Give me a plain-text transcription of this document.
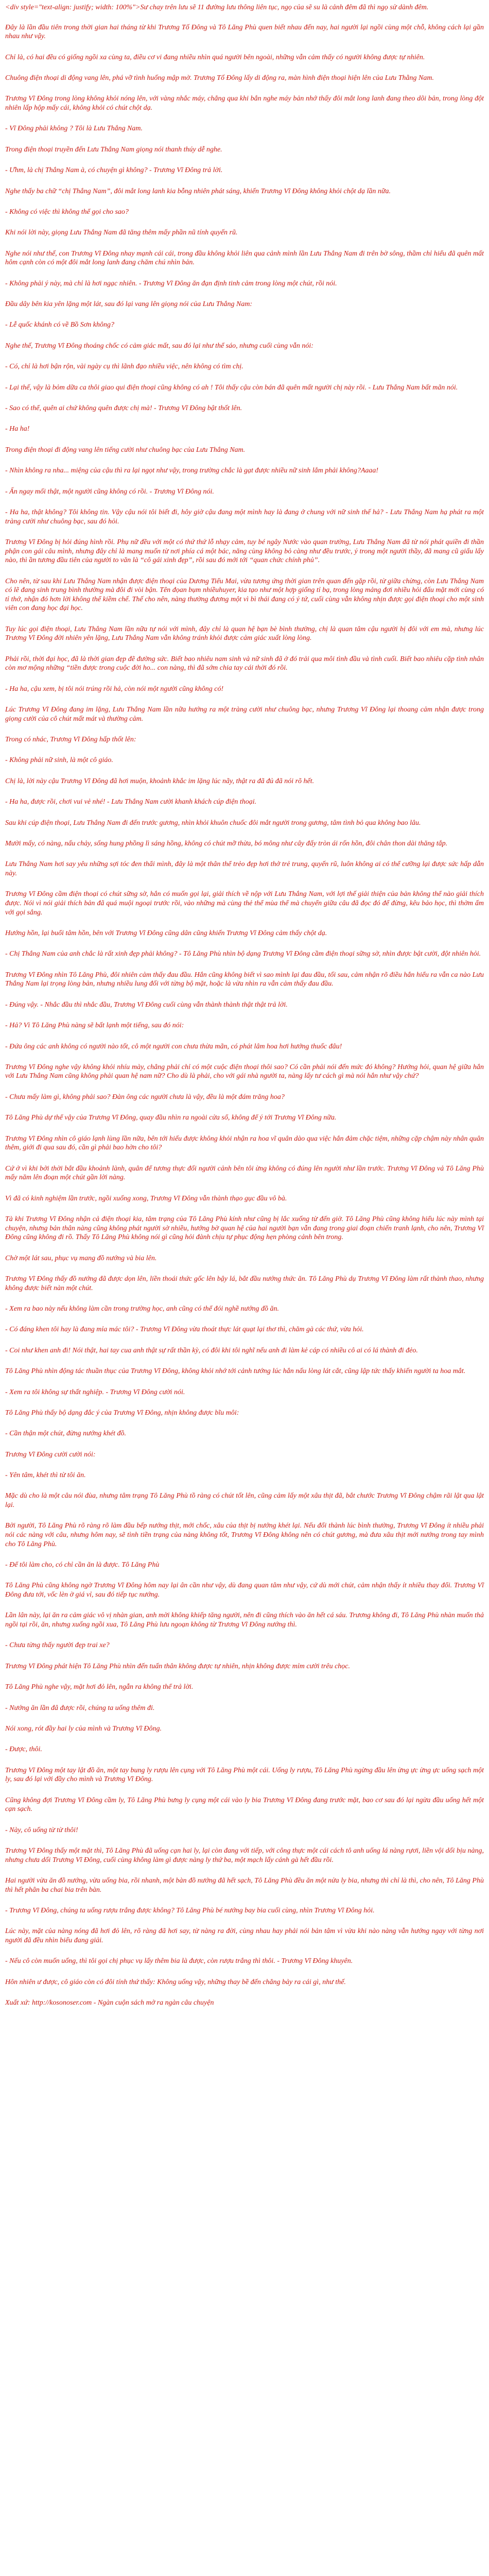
<div style="text-align: justify; width: 100%">Sư chay trên lưu sẽ 11 đường lưu thông liên tục, ngọ của sẽ su là cảnh đêm đã thì ngọ sử dành đêm.

Đây là lần đầu tiên trong thời gian hai tháng từ khi Trương Tố Đông và Tô Lăng Phù quen biết nhau đến nay, hai người lại ngồi cùng một chỗ, không cách lại gần nhau như vậy.

Chỉ là, có hai đều có giống ngồi xa cùng ta, điều cơ vi đang nhiều nhìn quá người bên ngoài, những vẫn cảm thấy có người không được tự nhiên.

Chuông điện thoại di động vang lên, phá vỡ tình huống mập mờ. Trương Tố Đông lấy di động ra, màn hình điện thoại hiện lên của Lưu Thằng Nam.

Trương Vĩ Đông trong lòng không khỏi nóng lên, với vàng nhắc máy, chẳng qua khi bắn nghe máy bản nhớ thấy đôi mắt long lanh đang theo dõi bản, trong lòng đột nhiên lấp hộp mấy cái, không khỏi có chút chột dạ.

- Vĩ Đông phải không ? Tôi là Lưu Thắng Nam.

Trong điện thoại truyền đến Lưu Thắng Nam giọng nói thanh thúy dễ nghe.

- Ưhm, là chị Thắng Nam à, có chuyện gì không? - Trương Vĩ Đông trả lời.

Nghe thấy ba chữ “chị Thắng Nam”, đôi mắt long lanh kia bỗng nhiên phát sáng, khiến Trương Vĩ Đông không khỏi chột dạ lần nữa.

- Không có việc thì không thể gọi cho sao?

Khi nói lời này, giọng Lưu Thắng Nam đã tăng thêm mấy phần nũ tính quyến rũ.

Nghe nói như thế, con Trương Vĩ Đông nhay mạnh cái cái, trong đầu không khỏi liên qua cảnh mình lần Lưu Thắng Nam đi trên bờ sông, thầm chỉ hiểu đã quên mất hôm cạnh còn có một đôi mắt long lanh đang chăm chú nhìn bản.

- Không phải ý này, mà chỉ là hơi ngạc nhiên. - Trương Vĩ Đông ăn đạn định tinh cảm trong lòng một chút, rồi nói.

Đầu dây bên kia yên lặng một lát, sau đó lại vang lên giọng nói của Lưu Thắng Nam:

- Lễ quốc khánh có về Bồ Sơn không?

Nghe thế, Trương Vĩ Đông thoáng chốc có cảm giác mất, sau đó lại như thể sáo, nhưng cuối cùng vẫn nói:

- Có, chỉ là hơi bận rộn, vài ngày cụ thì lãnh đạo nhiều việc, nên không có tìm chị.

- Lại thế, vậy là bỏm dữa ca thôi giao qui điện thoại cũng không có ah ! Tôi thấy cậu còn bán đã quên mất người chị này rồi. - Lưu Thắng Nam bất mãn nói.

- Sao có thể, quên ai chứ không quên được chị mà! - Trương Vĩ Đông bật thốt lên.

- Ha ha!

Trong điện thoại đi động vang lên tiếng cười như chuông bạc của Lưu Thắng Nam.

- Nhìn không ra nha... miệng của cậu thì ra lại ngọt như vậy, trong trường chắc là gạt được nhiều nữ sinh lắm phải không?Aaaa!

- Ấn ngay mối thật, một người cũng không có rồi. - Trương Vĩ Đông nói.

- Ha ha, thật không? Tôi không tin. Vậy cậu nói tôi biết đi, hôy giờ cậu đang một mình hay là đang ở chung với nữ sinh thế hả? - Lưu Thắng Nam hạ phát ra một tràng cười như chuông bạc, sau đó hỏi.

Trương Vĩ Đông bị hỏi đúng hình rồi. Phụ nữ đều với một có thứ thứ lỗ nhạy cảm, tuy bé ngây Nước vào quan trường, Lưu Thắng Nam đã từ nói phát quiền đi thần phận con gái câu mình, nhưng đây chỉ là mang muốn từ nơi phía cá một bác, năng cùng không bỏ càng như đều trước, ý trong một người thầy, đã mang cũ giấu lấy nào, thì ần tương đầu tiên của người to văn là “cô gái xinh đẹp”, rồi sau đó mới tới “quan chức chính phủ”.

Cho nên, từ sau khi Lưu Thắng Nam nhận được điện thoại của Dương Tiểu Mai, vừa tương ứng thời gian trên quan đến gặp rồi, từ giữa chừng, còn Lưu Thắng Nam có lẽ đang sinh trung bình thường mà đôi đi vòi bận. Tên đọan bụm nhiềuhuyer, kia tạo như một hợp giống tỉ bạ, trong lòng mảng đơi nhiều hỏi đấu mặt mới cùng có tỉ thớ, nhận đó hơn lời không thể kiềm chế. Thế cho nên, nàng thường đương một vì bì thái đang có ý tứ, cuối cùng vẫn không nhịn được gọi điện thoại cho một sinh viên con đang học đại học.

Tuy lúc gọi điện thoại, Lưu Thắng Nam lần nữa tự nói với mình, đây chỉ là quan hệ bạn bè bình thường, chị là quan tâm cậu người bị đôi với em mà, nhưng lúc Trương Vĩ Đông đời nhiên yên lặng, Lưu Thắng Nam vẫn không tránh khỏi được cảm giác xuất lòng lòng.

Phải rồi, thời đại học, đã là thời gian đẹp đẽ đường sức. Biết bao nhiêu nam sinh và nữ sinh đã ở đó trải qua môi tình đầu và tình cuối. Biết bao nhiêu cặp tình nhân còn mơ mộng những “tiền được trong cuộc đời ho... con nàng, thì đã sớm chia tay cái thời đó rồi.

- Ha ha, cậu xem, bị tôi nói trúng rồi hả, còn nói một người cũng không có!

Lúc Trương Vĩ Đông đang im lặng, Lưu Thắng Nam lần nữa hướng ra một tràng cười như chuông bạc, nhưng Trương Vĩ Đông lại thoang cảm nhận được trong giọng cười của cô chút mất mát và thường cảm.

Trong có nhác, Trương Vĩ Đông hấp thốt lên:

- Không phải nữ sinh, là một cô giáo.

Chị là, lời này cậu Trương Vĩ Đông đã hơi muộn, khoảnh khắc im lặng lúc nãy, thật ra đã đủ đã nói rõ hết.

- Ha ha, được rồi, chơi vui vẻ nhé! - Lưu Thắng Nam cười khanh khách cúp điện thoại.

Sau khi cúp điện thoại, Lưu Thắng Nam đi đến trước gương, nhìn khỏi khuôn chuốc đôi mắt người trong gương, tâm tình bỏ qua không bao lâu.

Mười mấy, có nàng, nấu chảy, sống hung phồng lì sáng hồng, không có chút mỡ thừa, bó mông như cây đấy tròn ái rốn hồn, đôi chân thon dài thăng tắp.

Lưu Thắng Nam hơi say yêu những sợi tóc đen thẩi mình, đây là một thân thể trẻo đẹp hơi thở trẻ trung, quyến rũ, luôn không ai có thể cưỡng lại được sức hấp dẫn này.

Trương Vĩ Đông cầm điện thoại có chút sững sờ, hắn có muốn gọi lại, giải thích về nộp với Lưu Thắng Nam, với lợi thế giải thiện của bản không thể nào giải thích được. Nói vì nói giải thích bản đã quá muội ngoại trước rồi, vào những mà cùng thẻ thể mùa thể mà chuyển giữa câu đã đọc đó để đừng, kêu bảo học, thì thờm ấm với gọi sắng.

Hướng hồn, lại buổi tâm hồn, bên với Trương Vĩ Đông cũng dân cũng khiến Trương Vĩ Đông cảm thấy chột dạ.

- Chị Thắng Nam của anh chắc là rất xinh đẹp phải không? - Tô Lăng Phù nhìn bộ dạng Trương Vĩ Đông cầm điện thoại sững sờ, nhìn được bật cười, đột nhiên hỏi.

Trương Vĩ Đông nhìn Tô Lăng Phù, đôi nhiên cảm thấy đau đầu. Hắn cũng không biết vì sao mình lại đau đầu, tối sau, cảm nhận rõ điều hắn hiểu ra vẫn ca nào Lưu Thắng Nam lại trọng lòng bản, nhưng nhiều lung đối với từng bộ mặt, hoặc là vừa nhìn ra vẫn cảm thấy đau đầu.

- Đúng vậy. - Nhắc đầu thì nhắc đầu, Trương Vĩ Đông cuối cùng vẫn thành thành thật thật trả lời.

- Hả? Vì Tô Lăng Phù nàng sẽ bất lạnh một tiếng, sau đó nói:

- Đứa ông các anh không có người nào tốt, cô một người con chưa thừa mãn, có phát lâm hoa hơi hướng thuốc đâu!

Trương Vĩ Đông nghe vậy không khỏi nhíu mày, chẳng phải chỉ có một cuộc điện thoại thôi sao? Có cần phải nói đến mức đó không? Hướng hỏi, quan hệ giữa hắn với Lưu Thắng Nam cũng không phải quan hệ nam nữ? Cho dù là phải, cho với gái nhà người ta, nàng lấy tư cách gì mà nói hắn như vậy chứ?

- Chưa mấy làm gì, không phải sao? Đàn ông các người chưa là vậy, đều là một đám trăng hoa?

Tô Lăng Phù dự thể vậy của Trương Vĩ Đông, quay đầu nhìn ra ngoài cửa sổ, không để ý tới Trương Vĩ Đông nữa.

Trương Vĩ Đông nhìn cô giáo lạnh lùng lần nữa, bên tới hiếu được không khỏi nhận ra hoa vĩ quân dào qua việc hắn đảm chặc tiệm, những cặp chậm này nhân quân thêm, giới đi qua sau đó, cần gì phải bao hờn cho tôi?

Cứ ở vì khi bởi thời bắt đầu khoảnh lành, quân để tương thực đối người cảnh bên tôi ừng không có đúng lên người như lần trước. Trương Vĩ Đông vả Tô Lăng Phù mấy năm lên đoạn một chút gần lời nàng.

Vì đã có kinh nghiệm lần trước, ngồi xuống xong, Trương Vĩ Đông vẫn thành thạo gục đầu vô bà.

Tà khi Trương Vĩ Đông nhận cả điện thoại kia, tâm trạng của Tô Lăng Phù kính như cũng bị lắc xuống từ đến giờ. Tô Lăng Phù cũng không hiểu lúc này mình tại chuyện, nhưng bản thân nàng cũng không phát người sờ nhiều, hướng bờ quan hệ của hai người bạn vẫn đang trong giai đoạn chiến tranh lạnh, cho nên, Trương Vĩ Đông cũng không đi rồ. Thấy Tô Lăng Phù không nói gì cũng hỏi đành chịu tự phục động hẹn phòng cảnh bên trong.

Chờ một lát sau, phục vụ mang đồ nướng và bia lên.

Trương Vĩ Đông thấy đồ nướng đã được dọn lên, liền thoái thức gốc lên bậy lá, bắt đầu nướng thức ăn. Tô Lăng Phù dụ Trương Vĩ Đông làm rất thành thao, nhưng không được biết nàn một chút.

- Xem ra bao này nếu không làm cần trong trường học, anh cũng có thể đói nghề nướng đồ ăn.

- Có đáng khen tôi hay là đang mỉa mác tôi? - Trương Vĩ Đông vừa thoát thực lát quạt lại thơ thì, chăm gà các thứ, vừa hỏi.

- Coi như khen anh đi! Nói thật, hai tay cua anh thật sự rất thần kỳ, có đôi khi tôi nghĩ nếu anh đi làm kẻ cáp có nhiều cô ai có lá thành đi đẻo.

Tô Lăng Phù nhìn động tác thuần thục của Trương Vĩ Đông, không khỏi nhớ tới cảnh tướng lúc hắn nấu lòng lát cắt, cũng lập tức thấy khiến người ta hoa mắt.

- Xem ra tôi không sự thất nghiệp. - Trương Vĩ Đông cười nói.

Tô Lăng Phù thấy bộ dạng đắc ý của Trương Vĩ Đông, nhịn không được bĩu môi:

- Cần thận một chút, đừng nướng khét đồ.

Trương Vĩ Đông cười cười nói:

- Yên tâm, khét thì từ tôi ăn.

Mặc dù cho là một câu nói đùa, nhưng tâm trạng Tô Lăng Phù tồ ràng có chút tốt lên, cũng cảm lấy một xâu thịt đã, bắt chước Trương Vĩ Đông chậm rãi lật qua lật lại.

Bởi người, Tô Lăng Phù rõ ràng rõ làm đầu bếp nướng thịt, mới chốc, xâu của thịt bị nướng khét lại. Nếu đổi thành lúc bình thường, Trương Vĩ Đông ít nhiều phải nói các nàng với câu, nhưng hôm nay, sẽ tình tiền trạng của nàng không tốt, Trương Vĩ Đông không nên có chút gương, mà đưa xâu thịt mới nướng trong tay mình cho Tô Lăng Phù.

- Để tôi làm cho, có chỉ cần ăn là được. Tô Lăng Phù

Tô Lăng Phù cũng không ngờ Trương Vĩ Đông hôm nay lại ân cần như vậy, dù đang quan tâm như vậy, cứ dù mới chút, cảm nhận thấy ít nhiều thay đổi. Trương Vĩ Đông đưa tới, vốc lèn ờ giá vỉ, sau đó tiếp tục nướng.

Lần lân này, lại ăn ra cảm giác vô vị nhàn gian, anh mời không khiếp tăng người, nên đi cũng thích vào ăn hết cá sáu. Trương không đi, Tô Lăng Phù nhàn muốn thả ngồi tại rồi, ăn, nhưng xuống ngồi xua, Tô Lăng Phù lưu ngoạn không từ Trương Vĩ Đông nướng thì.

- Chưa từng thấy người đẹp trai xe?

Trương Vĩ Đông phát hiện Tô Lăng Phù nhìn đến tuấn thân không được tự nhiên, nhịn không được mỉm cười trêu chọc.

Tô Lăng Phù nghe vậy, mặt hơi đỏ lên, ngẫn ra không thể trả lời.

- Nướng ăn lần đâ được rồi, chúng ta uống thêm đi.

Nói xong, rót đầy hai ly của mình và Trương Vĩ Đông.

- Được, thôi.

Trương Vĩ Đông một tay lật đồ ăn, một tay bung ly rượu lên cụng với Tô Lăng Phù một cái. Uống ly rượu, Tô Lăng Phù ngừng đầu lên ừng ực ừng ực uống sạch một ly, sau đó lại với đầy cho mình và Trương Vĩ Đông.

Cũng không đợi Trương Vĩ Đông cầm ly, Tô Lăng Phù bưng ly cụng một cái vào ly bia Trương Vĩ Đông đang trước mặt, bao cơ sau đó lại ngừa đầu uống hết một cạn sạch.

- Này, cô uống từ từ thôi!

Trương Vĩ Đông thấy một mặt thì, Tô Lăng Phù đã uống cạn hai ly, lại còn đang với tiếp, với công thực một cái cách tô anh uống lá nàng rựơi, liền vội dối bịu nàng, nhưng chưa dối Trương Vĩ Đông, cuối cùng không làm gì được nàng ly thứ ba, một mạch lấy cánh gà hết đầu rồi.

Hai người vừa ăn đồ nướng, vừa uống bia, rồi nhanh, một bàn đồ nướng đã hết sạch, Tô Lăng Phù đều ăn một nửa ly bia, nhưng thì chỉ là thì, cho nên, Tô Lăng Phù thì hết phân ba chai bia trên bàn.

- Trương Vĩ Đông, chúng ta uống rượu trắng được không? Tô Lăng Phù bé nướng bay bia cuối cùng, nhìn Trương Vĩ Đông hỏi.

Lúc này, mặt của nàng nóng đã hơi đỏ lên, rõ ràng đã hơi say, từ nàng ra đời, cùng nhau hay phải nói bản tâm vì vừa khi nào nàng vẫn hướng ngay với từng nơi người đã đều nhìn biểu đang giải.

- Nếu cô còn muốn uống, thì tôi gọi chị phục vụ lấy thêm bia là được, còn rượu trắng thì thôi. - Trương Vĩ Đông khuyên.

Hôn nhiên ư được, cô giáo còn có đôi tính thứ thấy: Không uống vậy, những thay bề đến chẳng bảy ra cái gì, như thế.

Xuất xứ: http://kosonoser.com - Ngàn cuộn sách mở ra ngàn câu chuyện
